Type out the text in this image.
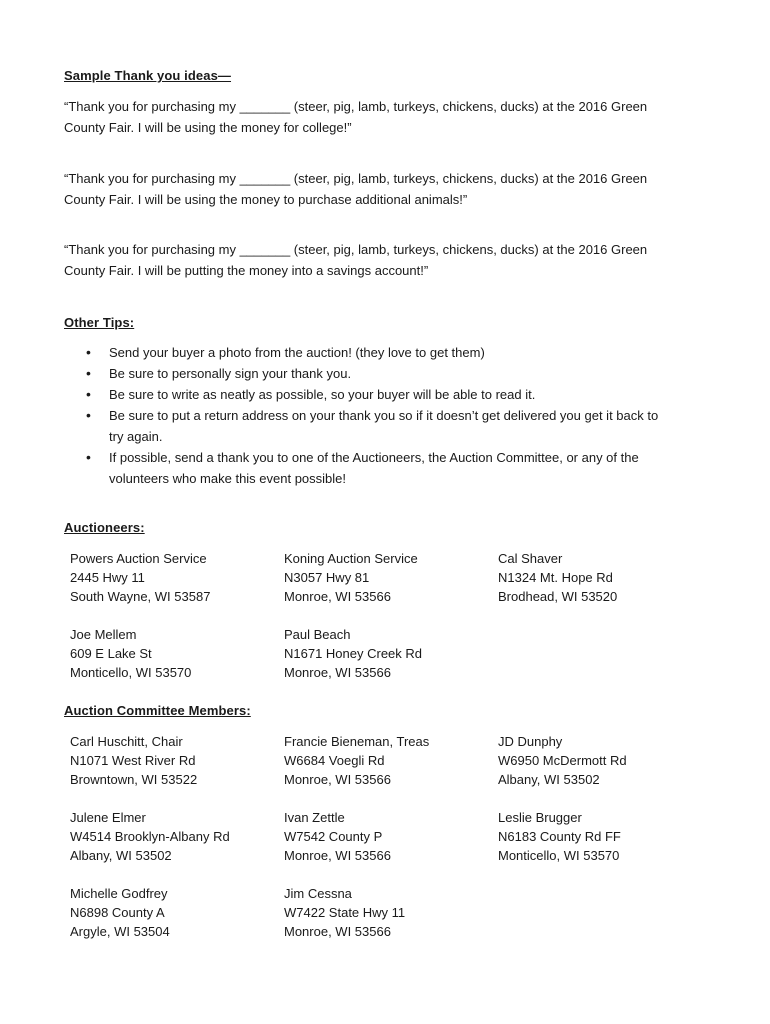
Sample Thank you ideas—

“Thank you for purchasing my _______ (steer, pig, lamb, turkeys, chickens, ducks) at the 2016 Green
County Fair. I will be using the money for college!”

“Thank you for purchasing my _______ (steer, pig, lamb, turkeys, chickens, ducks) at the 2016 Green
County Fair. I will be using the money to purchase additional animals!”

“Thank you for purchasing my _______ (steer, pig, lamb, turkeys, chickens, ducks) at the 2016 Green
County Fair. I will be putting the money into a savings account!”

Other Tips:
• Send your buyer a photo from the auction! (they love to get them)
• Be sure to personally sign your thank you.
• Be sure to write as neatly as possible, so your buyer will be able to read it.
• Be sure to put a return address on your thank you so if it doesn’t get delivered you get it back to
try again.
• If possible, send a thank you to one of the Auctioneers, the Auction Committee, or any of the
volunteers who make this event possible!
Auctioneers:
Powers Auction Service
2445 Hwy 11
South Wayne, WI 53587
Koning Auction Service
N3057 Hwy 81
Monroe, WI 53566
Cal Shaver
N1324 Mt. Hope Rd
Brodhead, WI 53520
Joe Mellem
609 E Lake St
Monticello, WI 53570
Paul Beach
N1671 Honey Creek Rd
Monroe, WI 53566
Auction Committee Members:
Carl Huschitt, Chair
N1071 West River Rd
Browntown, WI 53522
Francie Bieneman, Treas
W6684 Voegli Rd
Monroe, WI 53566
JD Dunphy
W6950 McDermott Rd
Albany, WI 53502
Julene Elmer
W4514 Brooklyn-Albany Rd
Albany, WI 53502
Ivan Zettle
W7542 County P
Monroe, WI 53566
Leslie Brugger
N6183 County Rd FF
Monticello, WI 53570
Michelle Godfrey
N6898 County A
Argyle, WI 53504
Jim Cessna
W7422 State Hwy 11
Monroe, WI 53566
